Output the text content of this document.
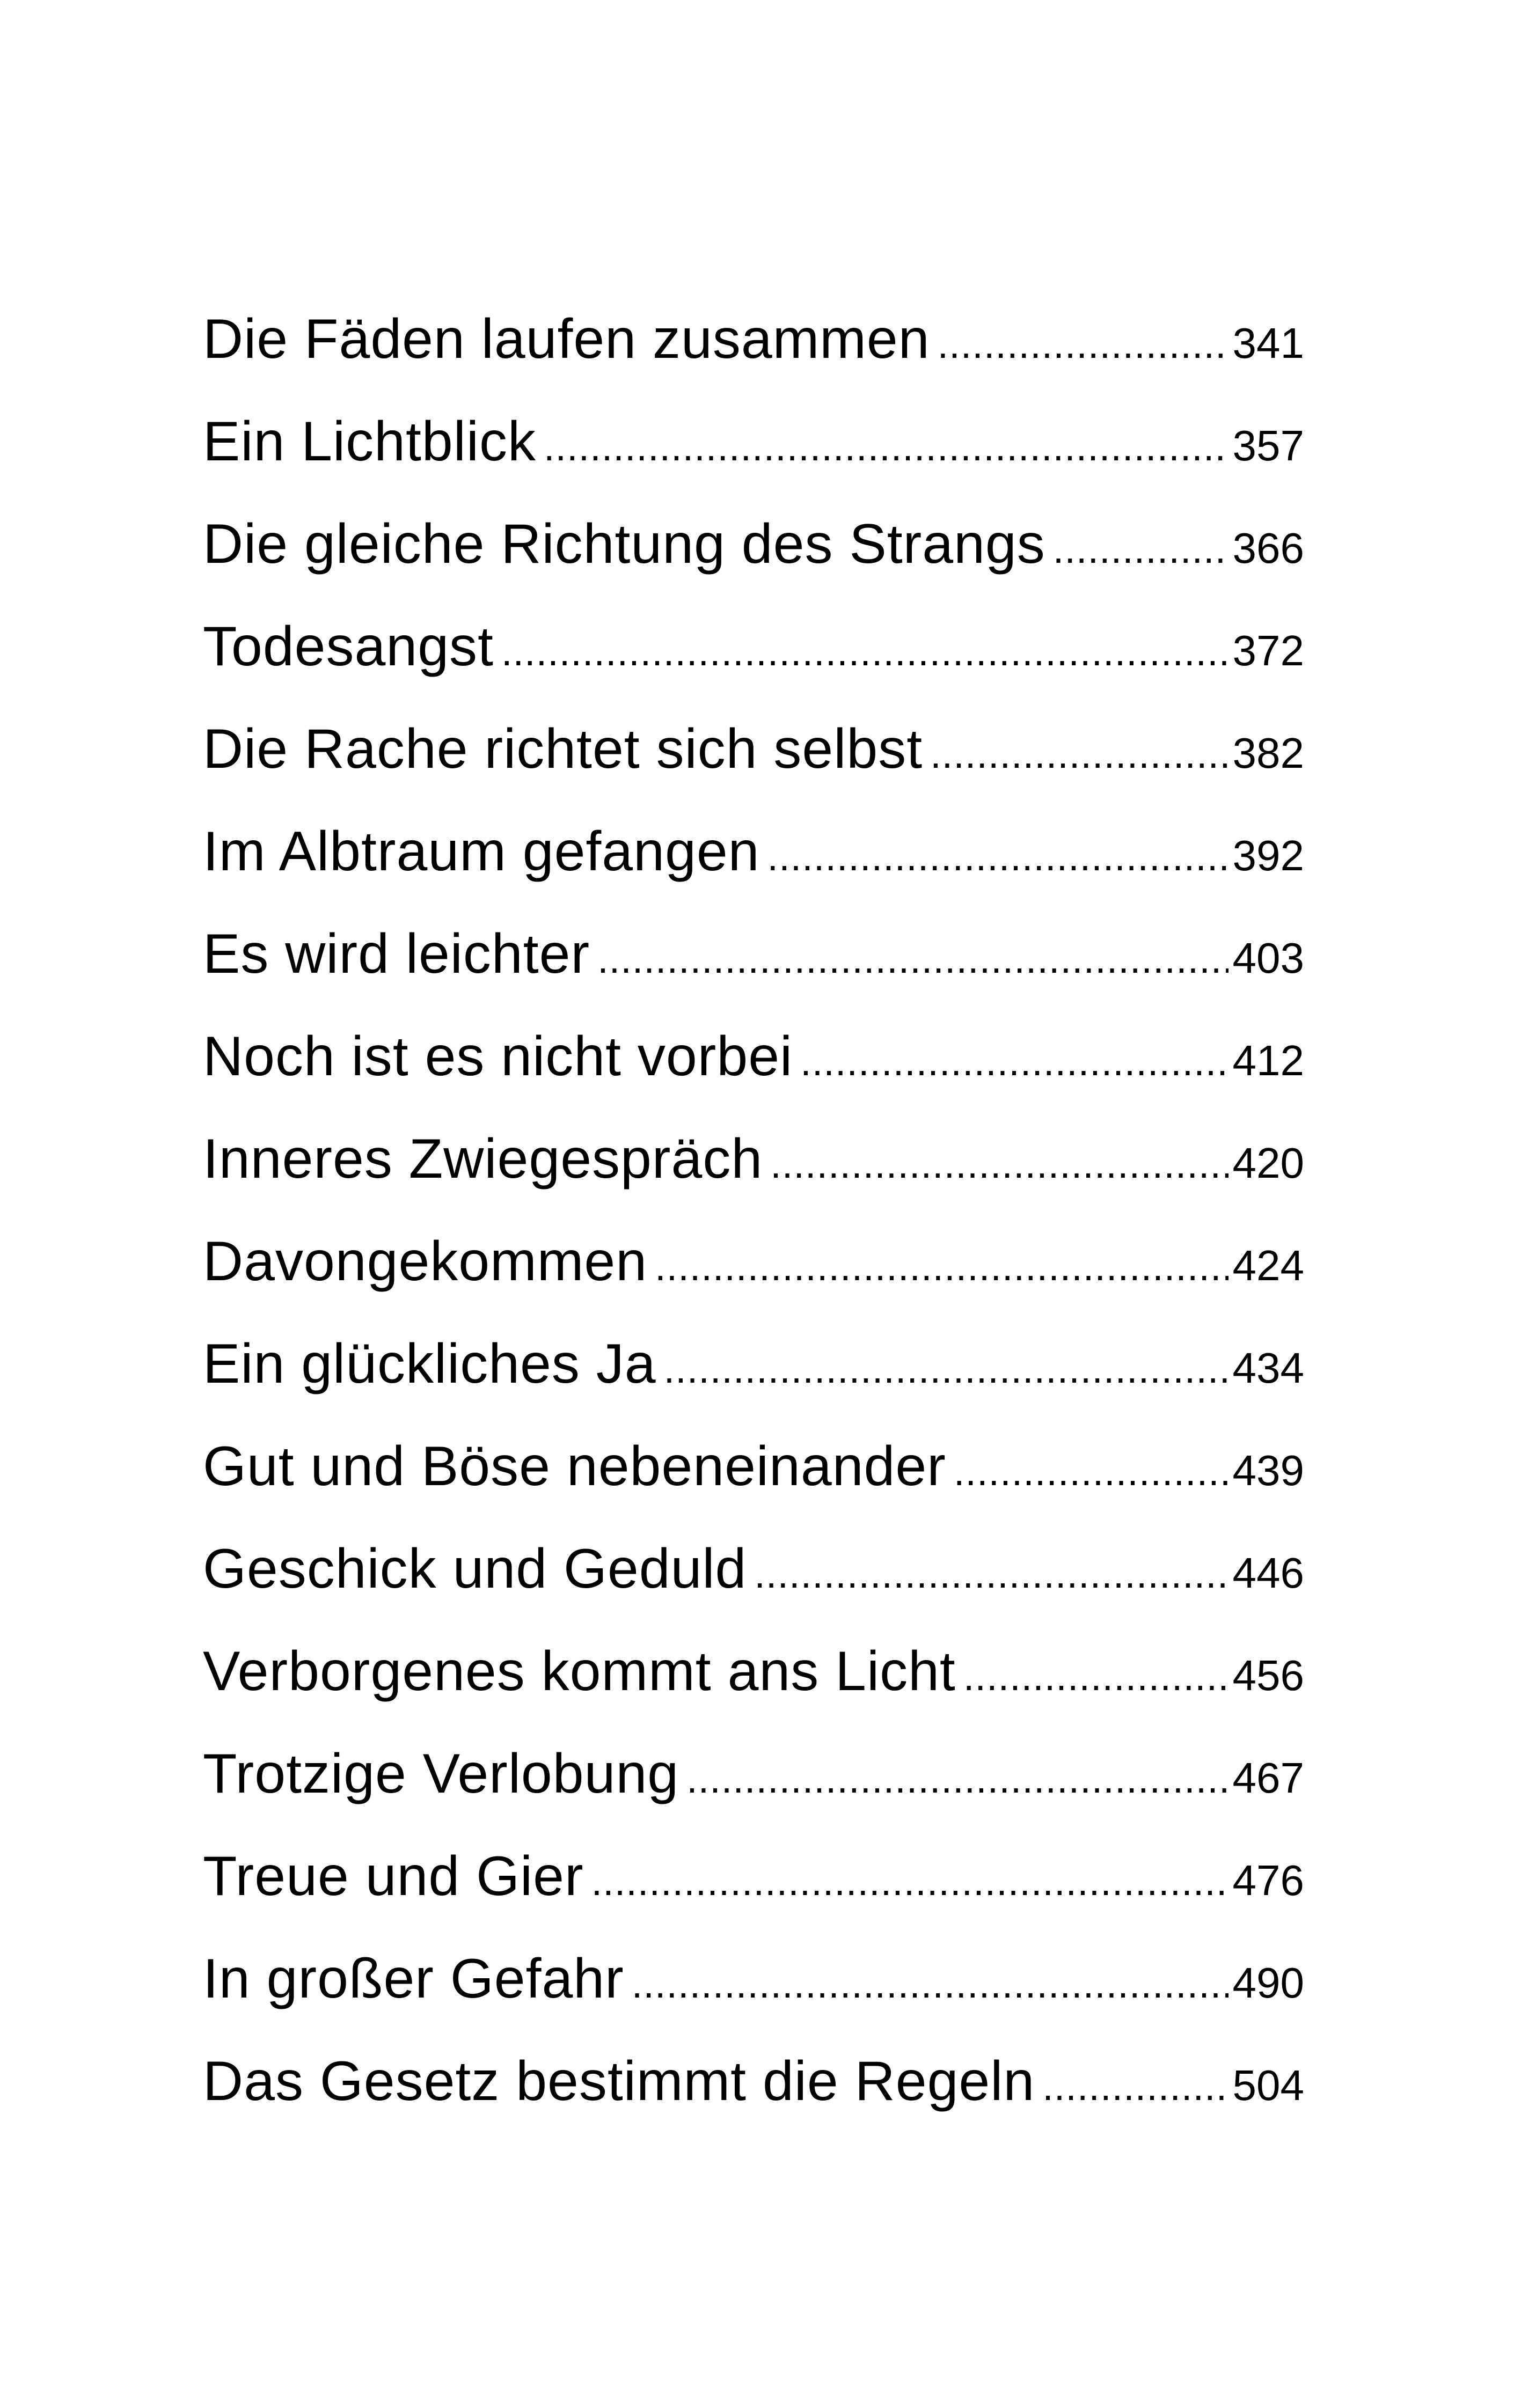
Die Fäden laufen zusammen .....	341
Ein Lichtblick .....	357
Die gleiche Richtung des Strangs .....	366
Todesangst .....	372
Die Rache richtet sich selbst .....	382
Im Albtraum gefangen .....	392
Es wird leichter .....	403
Noch ist es nicht vorbei .....	412
Inneres Zwiegespräch .....	420
Davongekommen .....	424
Ein glückliches Ja .....	434
Gut und Böse nebeneinander .....	439
Geschick und Geduld .....	446
Verborgenes kommt ans Licht .....	456
Trotzige Verlobung .....	467
Treue und Gier .....	476
In großer Gefahr .....	490
Das Gesetz bestimmt die Regeln .....	504
